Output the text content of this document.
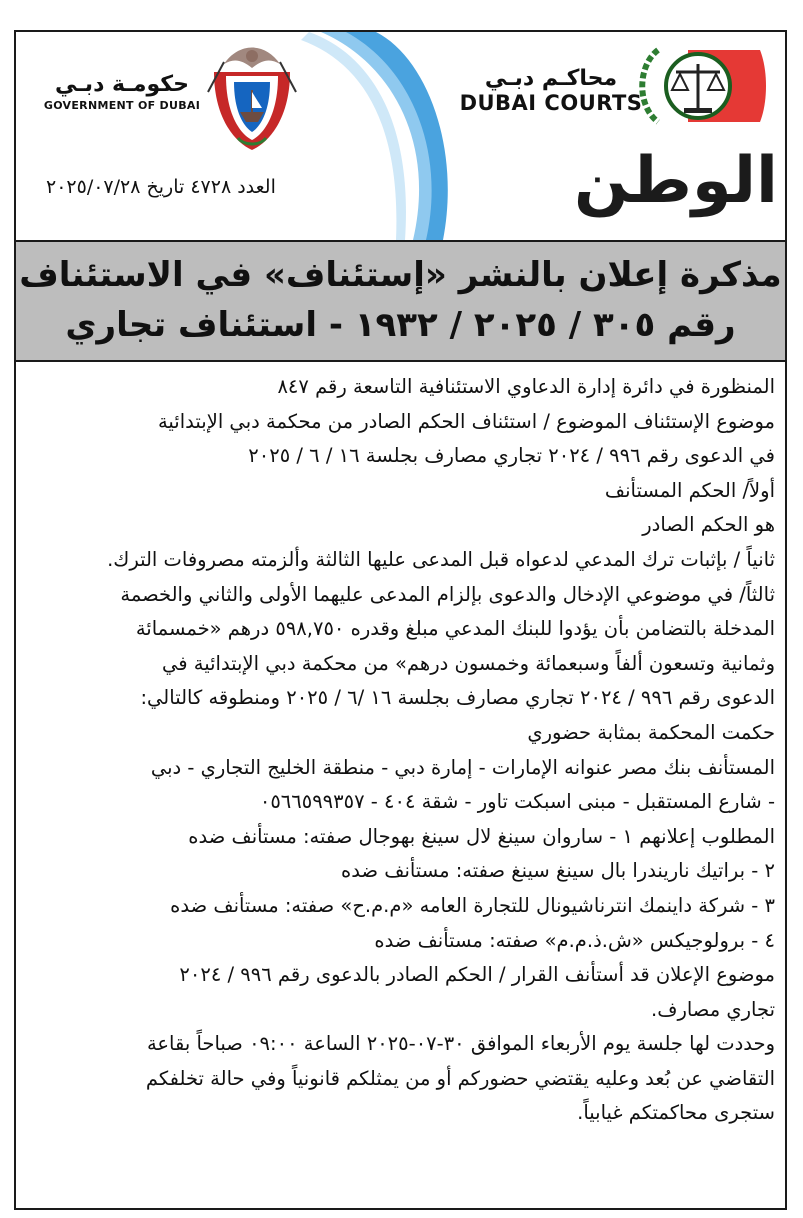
حكومـة دبـي
GOVERNMENT OF DUBAI
محاكـم دبـي
DUBAI COURTS
العدد ٤٧٢٨ تاريخ ٢٠٢٥/٠٧/٢٨	الوطن
مذكرة إعلان بالنشر «إستئناف» في الاستئناف
رقم ٣٠٥ / ٢٠٢٥ / ١٩٣٢ - استئناف تجاري

المنظورة في دائرة إدارة الدعاوي الاستئنافية التاسعة رقم ٨٤٧

موضوع الإستئناف الموضوع / استئناف الحكم الصادر من محكمة دبي الإبتدائية

في الدعوى رقم ٩٩٦ / ٢٠٢٤ تجاري مصارف بجلسة ١٦ / ٦ / ٢٠٢٥

أولاً/ الحكم المستأنف

هو الحكم الصادر

ثانياً / بإثبات ترك المدعي لدعواه قبل المدعى عليها الثالثة وألزمته مصروفات الترك.

ثالثاً/ في موضوعي الإدخال والدعوى بإلزام المدعى عليهما الأولى والثاني والخصمة

المدخلة بالتضامن بأن يؤدوا للبنك المدعي مبلغ وقدره ٥٩٨,٧٥٠ درهم «خمسمائة

وثمانية وتسعون ألفاً وسبعمائة وخمسون درهم» من محكمة دبي الإبتدائية في

الدعوى رقم ٩٩٦ / ٢٠٢٤ تجاري مصارف بجلسة ١٦ /٦ / ٢٠٢٥ ومنطوقه كالتالي:

حكمت المحكمة بمثابة حضوري

المستأنف بنك مصر عنوانه الإمارات - إمارة دبي - منطقة الخليج التجاري - دبي

- شارع المستقبل - مبنى اسبكت تاور - شقة ٤٠٤ - ٠٥٦٦٥٩٩٣٥٧

المطلوب إعلانهم ١ - ساروان سينغ لال سينغ بهوجال صفته: مستأنف ضده

٢ - براتيك ناريندرا بال سينغ سينغ صفته: مستأنف ضده

٣ - شركة داينمك انترناشيونال للتجارة العامه «م.م.ح» صفته: مستأنف ضده

٤ - برولوجيكس «ش.ذ.م.م» صفته: مستأنف ضده

موضوع الإعلان قد أستأنف القرار / الحكم الصادر بالدعوى رقم ٩٩٦ / ٢٠٢٤

تجاري مصارف.

وحددت لها جلسة يوم الأربعاء الموافق ٣٠-٠٧-٢٠٢٥ الساعة ٠٩:٠٠ صباحاً بقاعة

التقاضي عن بُعد وعليه يقتضي حضوركم أو من يمثلكم قانونياً وفي حالة تخلفكم

ستجرى محاكمتكم غيابياً.
